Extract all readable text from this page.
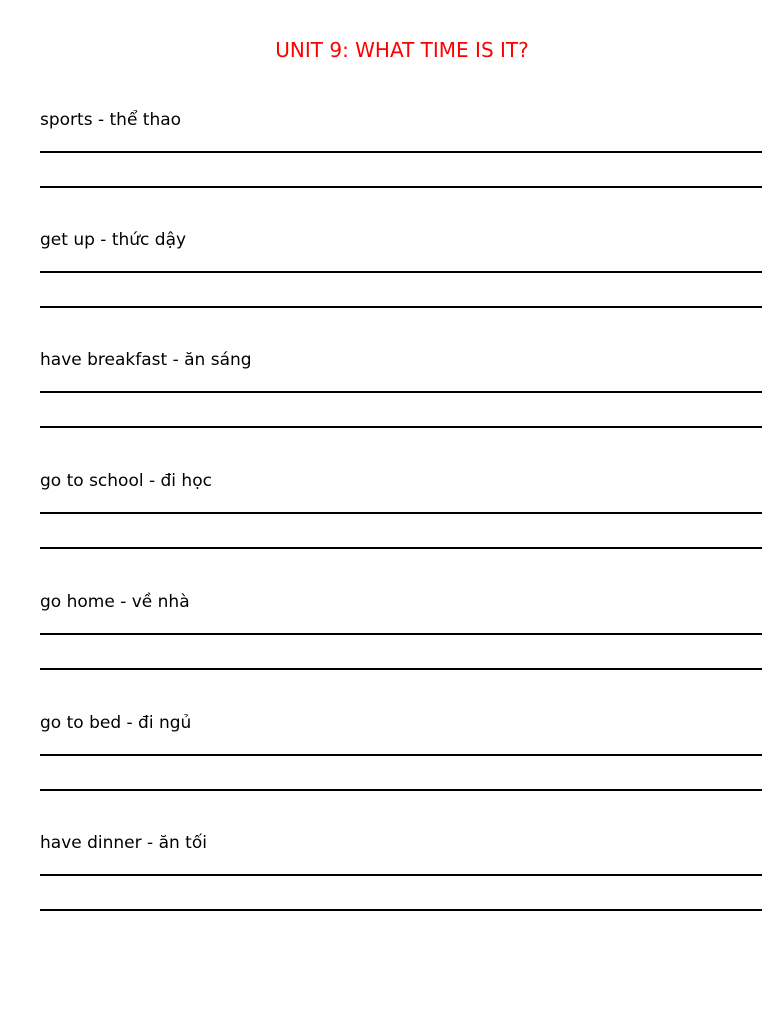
UNIT 9: WHAT TIME IS IT?
sports - thể thao
get up - thức dậy
have breakfast - ăn sáng
go to school - đi học
go home - về nhà
go to bed - đi ngủ
have dinner - ăn tối
